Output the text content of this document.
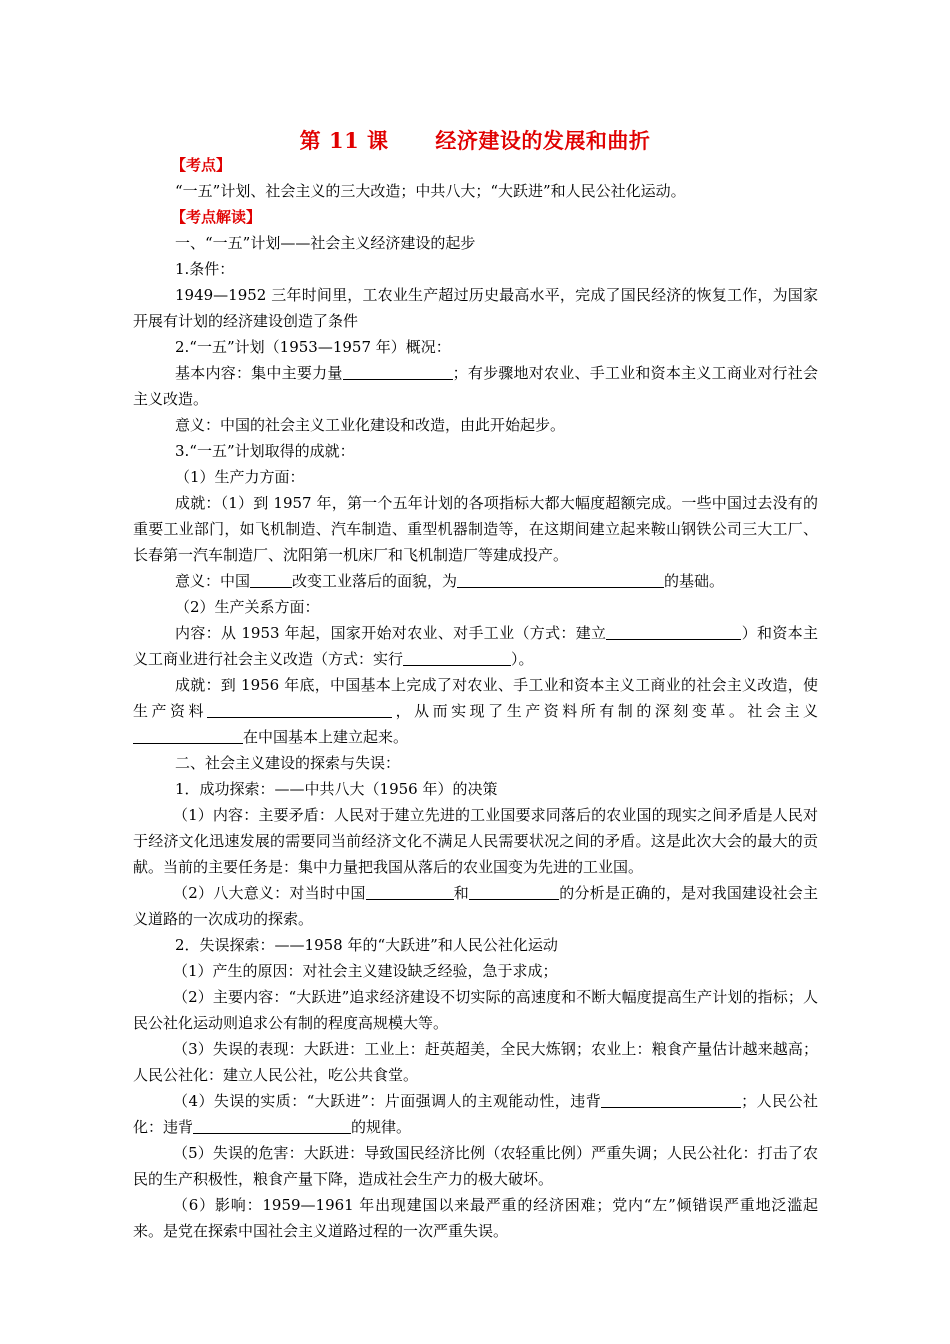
第 11 课      经济建设的发展和曲折

【考点】

“一五”计划、社会主义的三大改造；中共八大；“大跃进”和人民公社化运动。

【考点解读】

一、“一五”计划——社会主义经济建设的起步

1.条件：

1949—1952 三年时间里，工农业生产超过历史最高水平，完成了国民经济的恢复工作，为国家开展有计划的经济建设创造了条件

2.“一五”计划（1953—1957 年）概况：

基本内容：集中主要力量	；有步骤地对农业、手工业和资本主义工商业对行社会主义改造。

意义：中国的社会主义工业化建设和改造，由此开始起步。

3.“一五”计划取得的成就：

（1）生产力方面：

成就：（1）到 1957 年，第一个五年计划的各项指标大都大幅度超额完成。一些中国过去没有的重要工业部门，如飞机制造、汽车制造、重型机器制造等，在这期间建立起来鞍山钢铁公司三大工厂、长春第一汽车制造厂、沈阳第一机床厂和飞机制造厂等建成投产。

意义：中国	改变工业落后的面貌，为	的基础。

（2）生产关系方面：

内容：从 1953 年起，国家开始对农业、对手工业（方式：建立	）和资本主义工商业进行社会主义改造（方式：实行	）。

成就：到 1956 年底，中国基本上完成了对农业、手工业和资本主义工商业的社会主义改造，使生产资料	，从而实现了生产资料所有制的深刻变革。社会主义在中国基本上建立起来。

二、社会主义建设的探索与失误：

1．成功探索：——中共八大（1956 年）的决策

（1）内容：主要矛盾：人民对于建立先进的工业国要求同落后的农业国的现实之间矛盾是人民对于经济文化迅速发展的需要同当前经济文化不满足人民需要状况之间的矛盾。这是此次大会的最大的贡献。当前的主要任务是：集中力量把我国从落后的农业国变为先进的工业国。

（2）八大意义：对当时中国	和	的分析是正确的，是对我国建设社会主义道路的一次成功的探索。

2．失误探索：——1958 年的“大跃进”和人民公社化运动

（1）产生的原因：对社会主义建设缺乏经验，急于求成；

（2）主要内容：“大跃进”追求经济建设不切实际的高速度和不断大幅度提高生产计划的指标；人民公社化运动则追求公有制的程度高规模大等。

（3）失误的表现：大跃进：工业上：赶英超美，全民大炼钢；农业上：粮食产量估计越来越高；人民公社化：建立人民公社，吃公共食堂。

（4）失误的实质：“大跃进”：片面强调人的主观能动性，违背	；人民公社化：违背	的规律。

（5）失误的危害：大跃进：导致国民经济比例（农轻重比例）严重失调；人民公社化：打击了农民的生产积极性，粮食产量下降，造成社会生产力的极大破坏。

（6）影响：1959—1961 年出现建国以来最严重的经济困难；党内“左”倾错误严重地泛滥起来。是党在探索中国社会主义道路过程的一次严重失误。
